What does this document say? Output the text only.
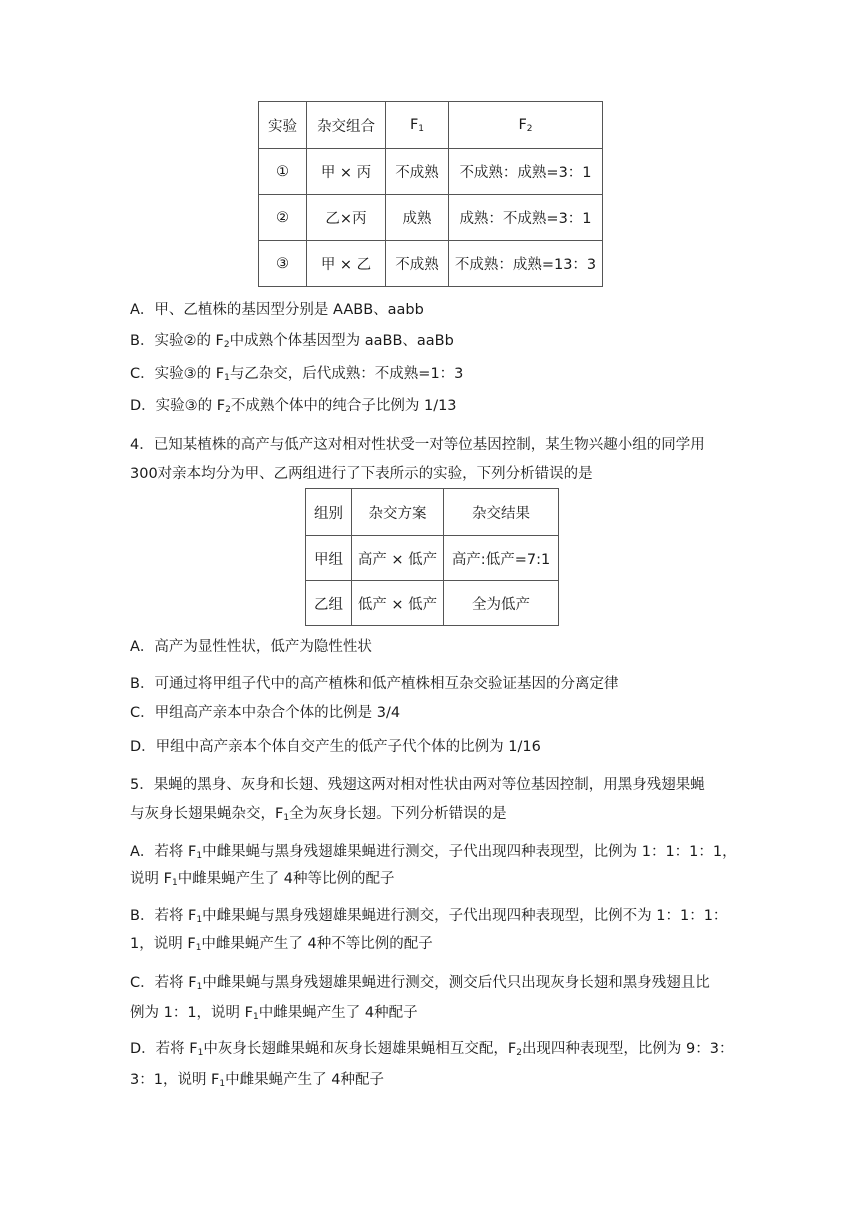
实验	杂交组合	$F_1$	$F_2$
①	甲 × 丙	不成熟	不成熟：成熟=3：1
②	乙×丙	成熟	成熟：不成熟=3：1
③	甲 × 乙	不成熟	不成熟：成熟=13：3
A．甲、乙植株的基因型分别是 AABB、aabb
B．实验②的 $F_2$中成熟个体基因型为 aaBB、aaBb
C．实验③的 $F_1$与乙杂交，后代成熟：不成熟=1：3
D．实验③的 $F_2$不成熟个体中的纯合子比例为 1/13
4．已知某植株的高产与低产这对相对性状受一对等位基因控制，某生物兴趣小组的同学用
300对亲本均分为甲、乙两组进行了下表所示的实验，下列分析错误的是
组别	杂交方案	杂交结果
甲组	高产 × 低产	高产:低产=7:1
乙组	低产 × 低产	全为低产
A．高产为显性性状，低产为隐性性状
B．可通过将甲组子代中的高产植株和低产植株相互杂交验证基因的分离定律
C．甲组高产亲本中杂合个体的比例是 3/4
D．甲组中高产亲本个体自交产生的低产子代个体的比例为 1/16
5．果蝇的黑身、灰身和长翅、残翅这两对相对性状由两对等位基因控制，用黑身残翅果蝇
与灰身长翅果蝇杂交，$F_1$全为灰身长翅。下列分析错误的是
A．若将 $F_1$中雌果蝇与黑身残翅雄果蝇进行测交，子代出现四种表现型，比例为 1：1：1：1，
说明 $F_1$中雌果蝇产生了 4种等比例的配子
B．若将 $F_1$中雌果蝇与黑身残翅雄果蝇进行测交，子代出现四种表现型，比例不为 1：1：1：
1，说明 $F_1$中雌果蝇产生了 4种不等比例的配子
C．若将 $F_1$中雌果蝇与黑身残翅雄果蝇进行测交，测交后代只出现灰身长翅和黑身残翅且比
例为 1：1，说明 $F_1$中雌果蝇产生了 4种配子
D．若将 $F_1$中灰身长翅雌果蝇和灰身长翅雄果蝇相互交配，$F_2$出现四种表现型，比例为 9：3：
3：1，说明 $F_1$中雌果蝇产生了 4种配子
